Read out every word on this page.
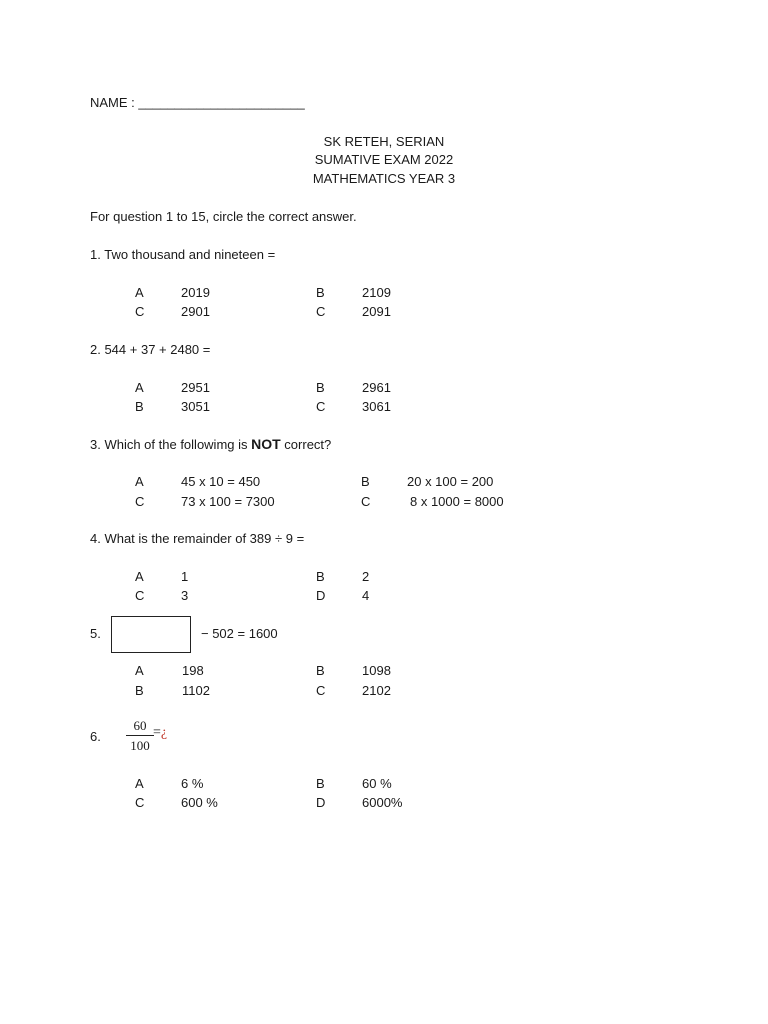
NAME : _______________________
SK RETEH, SERIAN
SUMATIVE EXAM 2022
MATHEMATICS YEAR 3
For question 1 to 15, circle the correct answer.
1. Two thousand and nineteen =
A	2019	B	2109
C	2901	C	2091
2. 544 + 37 + 2480 =
A	2951	B	2961
B	3051	C	3061
3. Which of the followimg is NOT correct?
A	45 x 10 = 450	B	20 x 100 = 200
C	73 x 100 = 7300	C	8 x 1000 = 8000
4. What is the remainder of 389 ÷ 9 =
A	1	B	2
C	3	D	4
5.	− 502 = 1600
A	198	B	1098
B	1102	C	2102
6.
60
100
=¿
A	6 %	B	60 %
C	600 %	D	6000%
